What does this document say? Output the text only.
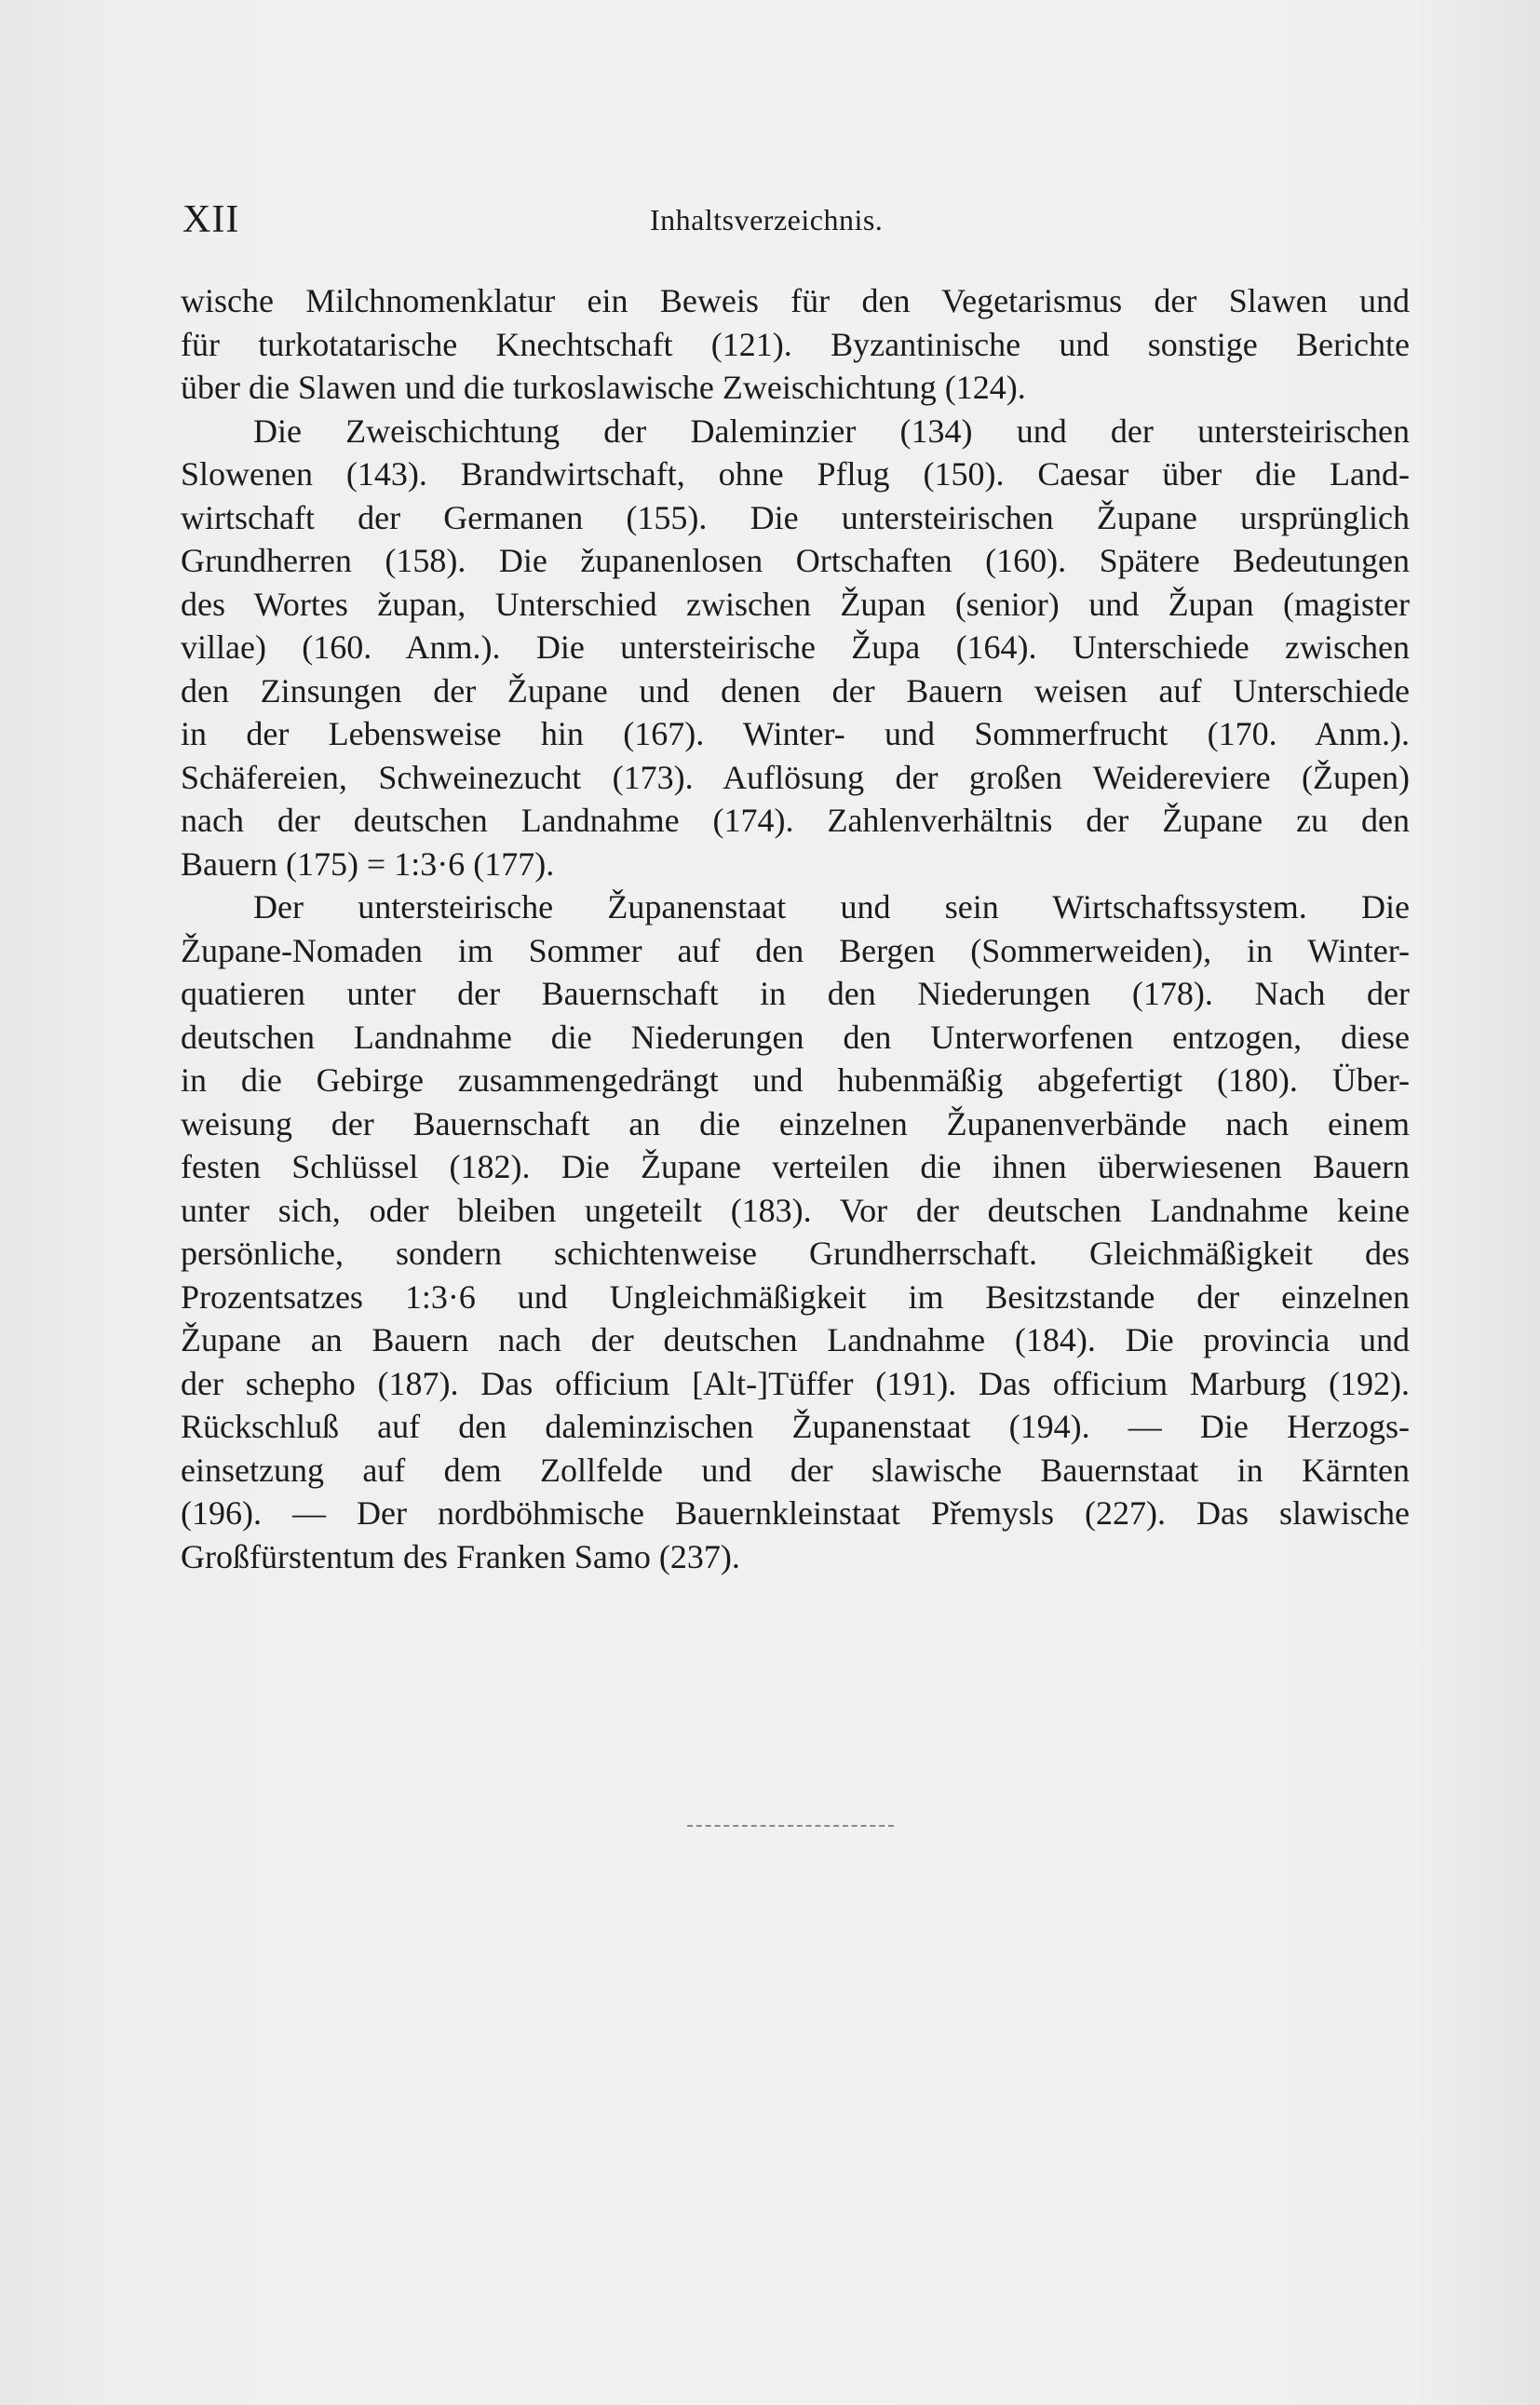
XII	Inhaltsverzeichnis.
wische Milchnomenklatur ein Beweis für den Vegetarismus der Slawen und
für turkotatarische Knechtschaft (121). Byzantinische und sonstige Berichte
über die Slawen und die turkoslawische Zweischichtung (124).
Die Zweischichtung der Daleminzier (134) und der untersteirischen
Slowenen (143). Brandwirtschaft, ohne Pflug (150). Caesar über die Land-
wirtschaft der Germanen (155). Die untersteirischen Župane ursprünglich
Grundherren (158). Die županenlosen Ortschaften (160). Spätere Bedeutungen
des Wortes župan, Unterschied zwischen Župan (senior) und Župan (magister
villae) (160. Anm.). Die untersteirische Župa (164). Unterschiede zwischen
den Zinsungen der Župane und denen der Bauern weisen auf Unterschiede
in der Lebensweise hin (167). Winter- und Sommerfrucht (170. Anm.).
Schäfereien, Schweinezucht (173). Auflösung der großen Weidereviere (Župen)
nach der deutschen Landnahme (174). Zahlenverhältnis der Župane zu den
Bauern (175) = 1:3·6 (177).
Der untersteirische Županenstaat und sein Wirtschaftssystem. Die
Župane-Nomaden im Sommer auf den Bergen (Sommerweiden), in Winter-
quatieren unter der Bauernschaft in den Niederungen (178). Nach der
deutschen Landnahme die Niederungen den Unterworfenen entzogen, diese
in die Gebirge zusammengedrängt und hubenmäßig abgefertigt (180). Über-
weisung der Bauernschaft an die einzelnen Županenverbände nach einem
festen Schlüssel (182). Die Župane verteilen die ihnen überwiesenen Bauern
unter sich, oder bleiben ungeteilt (183). Vor der deutschen Landnahme keine
persönliche, sondern schichtenweise Grundherrschaft. Gleichmäßigkeit des
Prozentsatzes 1:3·6 und Ungleichmäßigkeit im Besitzstande der einzelnen
Župane an Bauern nach der deutschen Landnahme (184). Die provincia und
der schepho (187). Das officium [Alt-]Tüffer (191). Das officium Marburg (192).
Rückschluß auf den daleminzischen Županenstaat (194). — Die Herzogs-
einsetzung auf dem Zollfelde und der slawische Bauernstaat in Kärnten
(196). — Der nordböhmische Bauernkleinstaat Přemysls (227). Das slawische
Großfürstentum des Franken Samo (237).
